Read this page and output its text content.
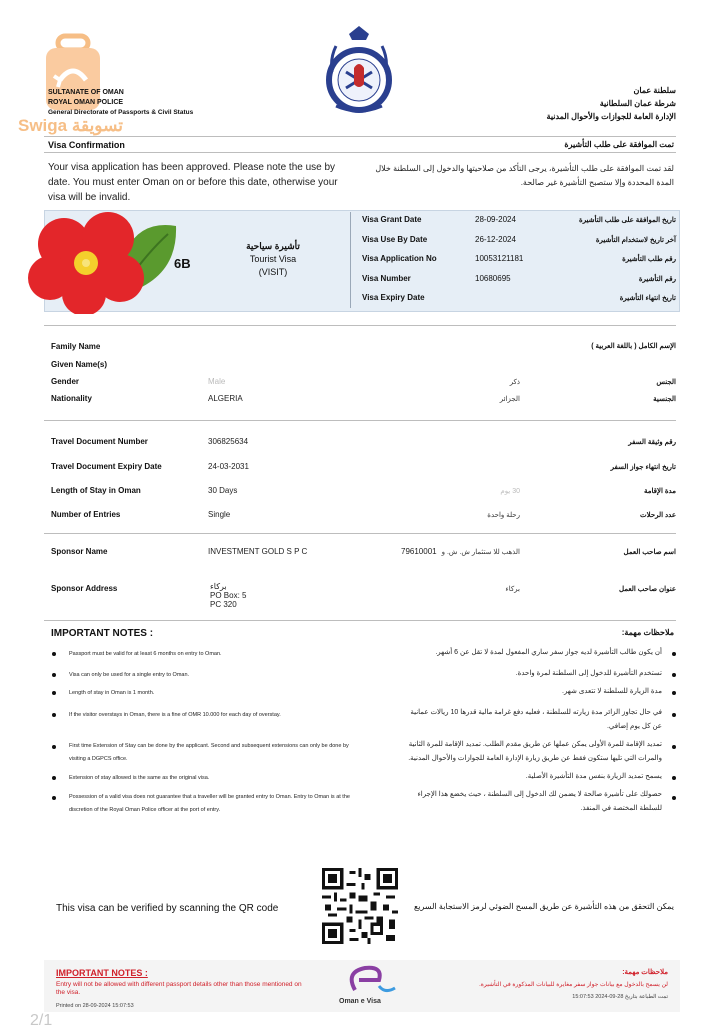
Swiga تسويقة
SULTANATE OF OMAN
ROYAL OMAN POLICE
General Directorate of Passports & Civil Status
سلطنة عمان
شرطة عمان السلطانية
الإدارة العامة للجوازات والأحوال المدنية
Visa Confirmation	تمت الموافقة على طلب التأشيرة
Your visa application has been approved. Please note the use by date. You must enter Oman on or before this date, otherwise your visa will be invalid.
لقد تمت الموافقة على طلب التأشيرة، يرجى التأكد من صلاحيتها والدخول إلى السلطنة خلال المدة المحددة وإلا ستصبح التأشيرة غير صالحة.
6B
تأشيرة سياحية
Tourist Visa
(VISIT)
Visa Grant Date	28-09-2024	تاريخ الموافقة على طلب التأشيرة
Visa Use By Date	26-12-2024	آخر تاريخ لاستخدام التأشيرة
Visa Application No	10053121181	رقم طلب التأشيرة
Visa Number	10680695	رقم التأشيرة
Visa Expiry Date	تاريخ انتهاء التأشيرة
Family Name	الإسم الكامل ( باللغة العربية )
Given Name(s)
Gender	Male	ذكر	الجنس
Nationality	ALGERIA	الجزائر	الجنسية
Travel Document Number	306825634	رقم وثيقة السفر
Travel Document Expiry Date	24-03-2031	تاريخ انتهاء جواز السفر
Length of Stay in Oman	30 Days	30 يوم	مدة الإقامة
Number of Entries	Single	رحلة واحدة	عدد الرحلات
Sponsor Name	INVESTMENT GOLD S P C	79610001 الذهب للا ستثمار ش. ش. و	اسم صاحب العمل
Sponsor Address	بركاء
PO Box: 5
PC 320
بركاء	عنوان صاحب العمل
IMPORTANT NOTES :	ملاحظات مهمة:
Passport must be valid for at least 6 months on entry to Oman.	أن يكون طالب التأشيرة لديه جواز سفر ساري المفعول لمدة لا تقل عن 6 أشهر.
Visa can only be used for a single entry to Oman.	تستخدم التأشيرة للدخول إلى السلطنة لمرة واحدة.
Length of stay in Oman is 1 month.	مدة الزيارة للسلطنة لا تتعدى شهر.
If the visitor overstays in Oman, there is a fine of OMR 10.000 for each day of overstay.	في حال تجاوز الزائر مدة زيارته للسلطنة ، فعليه دفع غرامة مالية قدرها 10 ريالات عمانية عن كل يوم إضافي.
First time Extension of Stay can be done by the applicant. Second and subsequent extensions can only be done by visiting a DGPCS office.
تمديد الإقامة للمرة الأولى يمكن عملها عن طريق مقدم الطلب. تمديد الإقامة للمرة الثانية والمرات التي تليها ستكون فقط عن طريق زيارة الإدارة العامة للجوازات والأحوال المدنية.
Extension of stay allowed is the same as the original visa.	يسمح تمديد الزيارة بنفس مدة التأشيرة الأصلية.
Possession of a valid visa does not guarantee that a traveller will be granted entry to Oman. Entry to Oman is at the discretion of the Royal Oman Police officer at the port of entry.
حصولك على تأشيرة صالحة لا يضمن لك الدخول إلى السلطنة ، حيث يخضع هذا الإجراء للسلطة المختصة في المنفذ.
This visa can be verified by scanning the QR code	يمكن التحقق من هذه التأشيرة عن طريق المسح الضوئي لرمز الاستجابة السريع
IMPORTANT NOTES :
Entry will not be allowed with different passport details other than those mentioned on the visa.
Printed on 28-09-2024 15:07:53
Oman e Visa
ملاحظات مهمة:
لن يسمح بالدخول مع بيانات جواز سفر مغايرة للبيانات المذكورة في التأشيرة.
تمت الطباعة بتاريخ 28-09-2024 15:07:53
2/1
